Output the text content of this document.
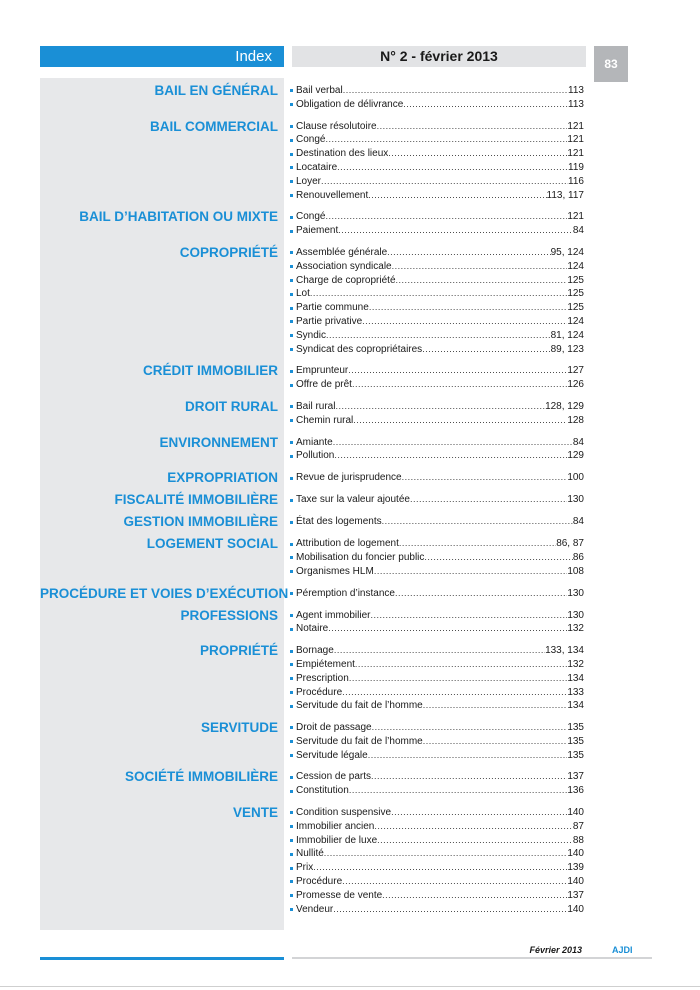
Index	N° 2 - février 2013	83
BAIL EN GÉNÉRAL Bail verbal .....	113
Obligation de délivrance .....	113
BAIL COMMERCIAL Clause résolutoire .....	121
Congé .....	121
Destination des lieux .....	121
Locataire .....	119
Loyer .....	116
Renouvellement .....	113, 117
BAIL D’HABITATION OU MIXTE Congé .....	121
Paiement .....	84
COPROPRIÉTÉ Assemblée générale .....	95, 124
Association syndicale .....	124
Charge de copropriété .....	125
Lot .....	125
Partie commune .....	125
Partie privative .....	124
Syndic .....	81, 124
Syndicat des copropriétaires .....	89, 123
CRÉDIT IMMOBILIER Emprunteur .....	127
Offre de prêt .....	126
DROIT RURAL Bail rural .....	128, 129
Chemin rural .....	128
ENVIRONNEMENT Amiante .....	84
Pollution .....	129
EXPROPRIATION Revue de jurisprudence .....	100
FISCALITÉ IMMOBILIÈRE Taxe sur la valeur ajoutée .....	130
GESTION IMMOBILIÈRE État des logements .....	84
LOGEMENT SOCIAL Attribution de logement .....	86, 87
Mobilisation du foncier public .....	86
Organismes HLM .....	108
PROCÉDURE ET VOIES D’EXÉCUTION Péremption d’instance .....	130
PROFESSIONS Agent immobilier .....	130
Notaire .....	132
PROPRIÉTÉ Bornage .....	133, 134
Empiétement .....	132
Prescription .....	134
Procédure .....	133
Servitude du fait de l’homme .....	134
SERVITUDE Droit de passage .....	135
Servitude du fait de l’homme .....	135
Servitude légale .....	135
SOCIÉTÉ IMMOBILIÈRE Cession de parts .....	137
Constitution .....	136
VENTE Condition suspensive .....	140
Immobilier ancien .....	87
Immobilier de luxe .....	88
Nullité .....	140
Prix .....	139
Procédure .....	140
Promesse de vente .....	137
Vendeur .....	140
Février 2013	AJDI
